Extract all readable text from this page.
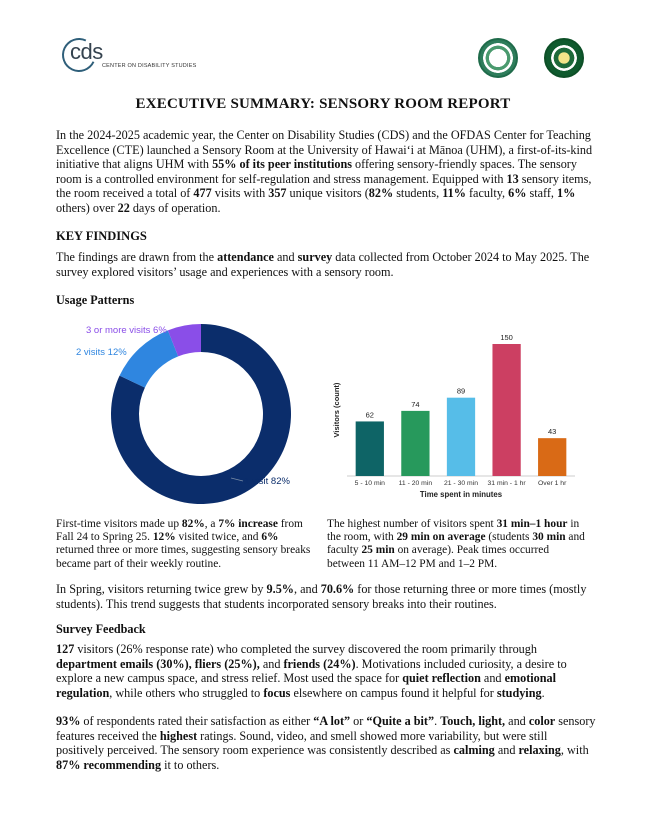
cds
CENTER ON DISABILITY STUDIES
EXECUTIVE SUMMARY: SENSORY ROOM REPORT
In the 2024-2025 academic year, the Center on Disability Studies (CDS) and the OFDAS Center for Teaching Excellence (CTE) launched a Sensory Room at the University of Hawaiʻi at Mānoa (UHM), a first-of-its-kind initiative that aligns UHM with 55% of its peer institutions offering sensory-friendly spaces. The sensory room is a controlled environment for self-regulation and stress management. Equipped with 13 sensory items, the room received a total of 477 visits with 357 unique visitors (82% students, 11% faculty, 6% staff, 1% others) over 22 days of operation.
KEY FINDINGS
The findings are drawn from the attendance and survey data collected from October 2024 to May 2025. The survey explored visitors’ usage and experiences with a sensory room.
Usage Patterns
1 visit 82%
2 visits 12%
3 or more visits 6%
Visitors (count)	62
5 - 10 min
74
11 - 20 min
89
21 - 30 min
150
31 min - 1 hr
43
Over 1 hr
Time spent in minutes
First-time visitors made up 82%, a 7% increase from Fall 24 to Spring 25. 12% visited twice, and 6% returned three or more times, suggesting sensory breaks became part of their weekly routine.
The highest number of visitors spent 31 min–1 hour in the room, with 29 min on average (students 30 min and faculty 25 min on average). Peak times occurred between 11 AM–12 PM and 1–2 PM.
In Spring, visitors returning twice grew by 9.5%, and 70.6% for those returning three or more times (mostly students). This trend suggests that students incorporated sensory breaks into their routines.
Survey Feedback
127 visitors (26% response rate) who completed the survey discovered the room primarily through department emails (30%), fliers (25%), and friends (24%). Motivations included curiosity, a desire to explore a new campus space, and stress relief. Most used the space for quiet reflection and emotional regulation, while others who struggled to focus elsewhere on campus found it helpful for studying.
93% of respondents rated their satisfaction as either “A lot” or “Quite a bit”. Touch, light, and color sensory features received the highest ratings. Sound, video, and smell showed more variability, but were still positively perceived. The sensory room experience was consistently described as calming and relaxing, with 87% recommending it to others.
